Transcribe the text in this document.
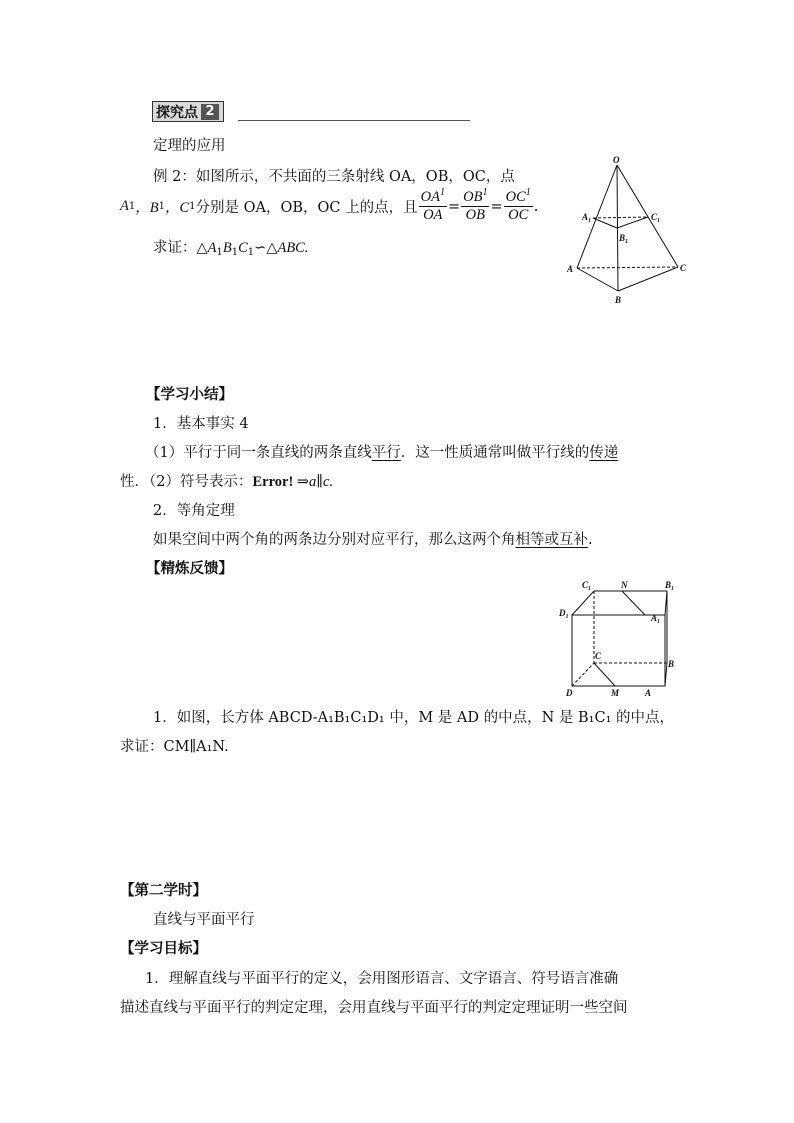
探究点 2
定理的应用
例 2：如图所示，不共面的三条射线 OA，OB，OC，点
A 1 ，B 1 ，C 1 分别是 OA，OB，OC 上的点，且 $\frac{OA^1}{OA} = \frac{OB^1}{OB} = \frac{OC^1}{OC}$ .
求证：$\triangle A_1B_1C_1∽\triangle ABC$.
O
$A_1$	$C_1$
$B_1$
A	C
B
【学习小结】
1．基本事实 4
（1）平行于同一条直线的两条直线平行．这一性质通常叫做平行线的传递
性．（2）符号表示：Error! ⇒a∥c.
2．等角定理
如果空间中两个角的两条边分别对应平行，那么这两个角相等或互补.
【精炼反馈】
$C_1$	N	$B_1$
$D_1$	$A_1$
C
B
D	M	A
1．如图，长方体 ABCD-A₁B₁C₁D₁ 中，M 是 AD 的中点，N 是 B₁C₁ 的中点，
求证：CM∥A₁N.
【第二学时】
直线与平面平行
【学习目标】
1．理解直线与平面平行的定义，会用图形语言、文字语言、符号语言准确
描述直线与平面平行的判定定理，会用直线与平面平行的判定定理证明一些空间
